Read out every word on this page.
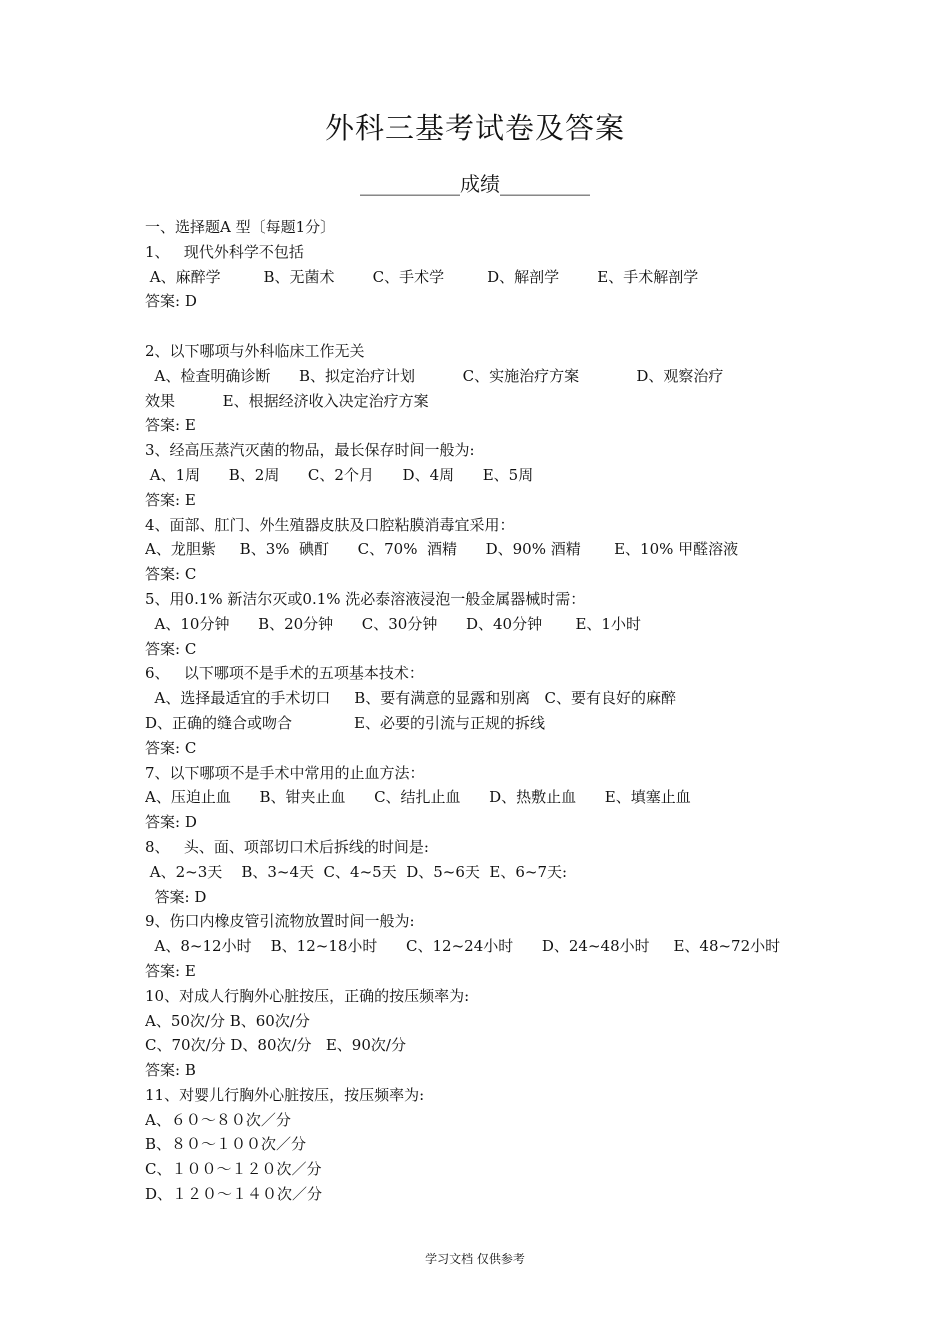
外科三基考试卷及答案
__________成绩_________
一、选择题A 型〔每题1分〕
1、   现代外科学不包括
A、麻醉学         B、无菌术        C、手术学         D、解剖学        E、手术解剖学
答案: D
2、以下哪项与外科临床工作无关
A、检查明确诊断      B、拟定治疗计划          C、实施治疗方案            D、观察治疗
效果          E、根据经济收入决定治疗方案
答案: E
3、经高压蒸汽灭菌的物品，最长保存时间一般为:
A、1周      B、2周      C、2个月      D、4周      E、5周
答案: E
4、面部、肛门、外生殖器皮肤及口腔粘膜消毒宜采用：
A、龙胆紫     B、3%  碘酊      C、70%  酒精      D、90% 酒精       E、10% 甲醛溶液
答案: C
5、用0.1% 新洁尔灭或0.1% 洗必泰溶液浸泡一般金属器械时需：
A、10分钟      B、20分钟      C、30分钟      D、40分钟       E、1小时
答案: C
6、   以下哪项不是手术的五项基本技术：
A、选择最适宜的手术切口     B、要有满意的显露和别离   C、要有良好的麻醉
D、正确的缝合或吻合             E、必要的引流与正规的拆线
答案: C
7、以下哪项不是手术中常用的止血方法：
A、压迫止血      B、钳夹止血      C、结扎止血      D、热敷止血      E、填塞止血
答案: D
8、   头、面、项部切口术后拆线的时间是:
A、2~3天    B、3~4天  C、4~5天  D、5~6天  E、6~7天:
答案: D
9、伤口内橡皮管引流物放置时间一般为:
A、8~12小时    B、12~18小时      C、12~24小时      D、24~48小时     E、48~72小时
答案: E
10、对成人行胸外心脏按压，正确的按压频率为:
A、50次/分 B、60次/分
C、70次/分 D、80次/分   E、90次/分
答案: B
11、对婴儿行胸外心脏按压，按压频率为:
A、６０～８０次／分
B、８０～１００次／分
C、１００～１２０次／分
D、１２０～１４０次／分
学习文档 仅供参考
